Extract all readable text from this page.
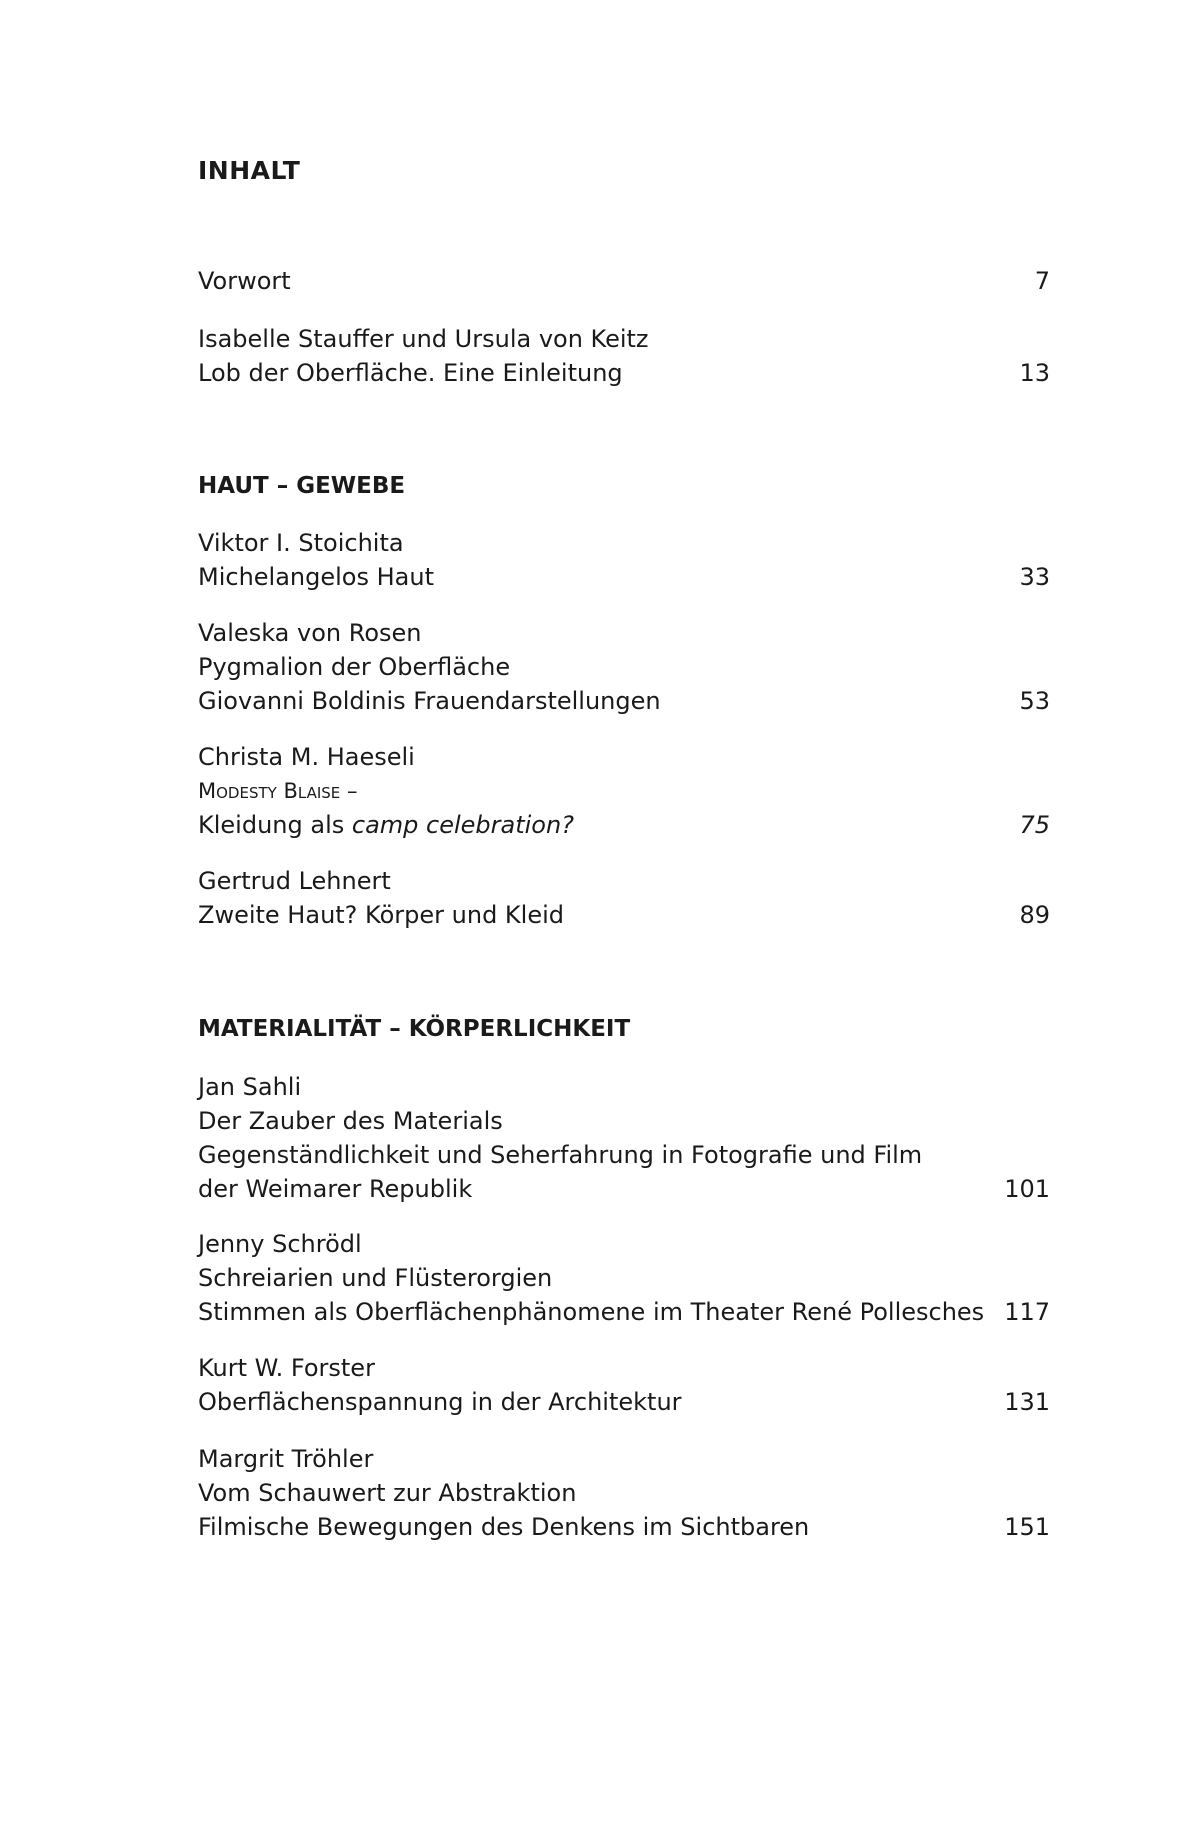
INHALT
Vorwort	7
Isabelle Stauffer und Ursula von Keitz
Lob der Oberfläche. Eine Einleitung	13
HAUT – GEWEBE
Viktor I. Stoichita
Michelangelos Haut	33
Valeska von Rosen
Pygmalion der Oberfläche
Giovanni Boldinis Frauendarstellungen	53
Christa M. Haeseli
Modesty Blaise –
Kleidung als camp celebration?	75
Gertrud Lehnert
Zweite Haut? Körper und Kleid	89
MATERIALITÄT – KÖRPERLICHKEIT
Jan Sahli
Der Zauber des Materials
Gegenständlichkeit und Seherfahrung in Fotografie und Film
der Weimarer Republik	101
Jenny Schrödl
Schreiarien und Flüsterorgien
Stimmen als Oberflächenphänomene im Theater René Pollesches 117
Kurt W. Forster
Oberflächenspannung in der Architektur	131
Margrit Tröhler
Vom Schauwert zur Abstraktion
Filmische Bewegungen des Denkens im Sichtbaren	151
